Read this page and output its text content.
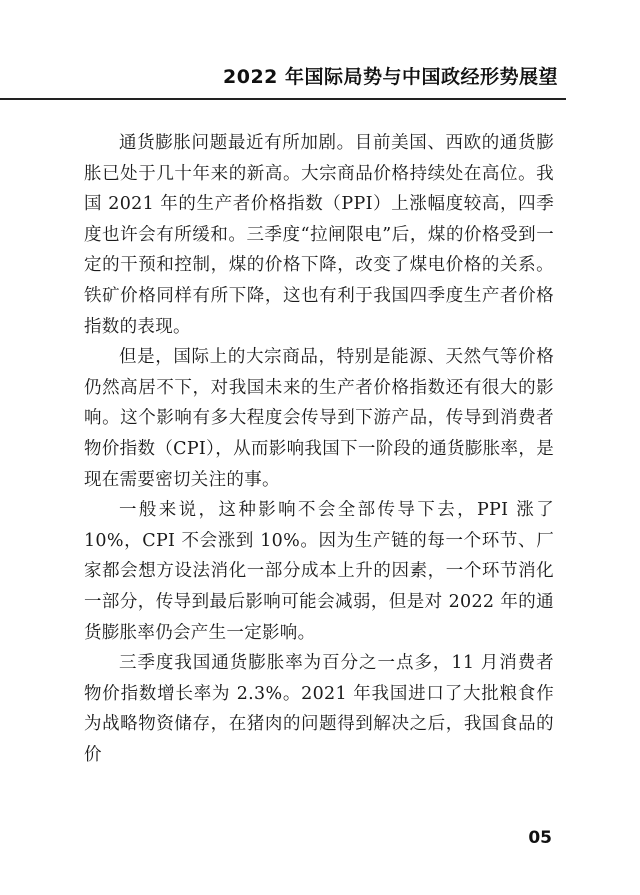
2022 年国际局势与中国政经形势展望

通货膨胀问题最近有所加剧。目前美国、西欧的通货膨胀已处于几十年来的新高。大宗商品价格持续处在高位。我国 2021 年的生产者价格指数（PPI）上涨幅度较高，四季度也许会有所缓和。三季度“拉闸限电”后，煤的价格受到一定的干预和控制，煤的价格下降，改变了煤电价格的关系。铁矿价格同样有所下降，这也有利于我国四季度生产者价格指数的表现。

但是，国际上的大宗商品，特别是能源、天然气等价格仍然高居不下，对我国未来的生产者价格指数还有很大的影响。这个影响有多大程度会传导到下游产品，传导到消费者物价指数（CPI），从而影响我国下一阶段的通货膨胀率，是现在需要密切关注的事。

一般来说，这种影响不会全部传导下去，PPI 涨了10%，CPI 不会涨到 10%。因为生产链的每一个环节、厂家都会想方设法消化一部分成本上升的因素，一个环节消化一部分，传导到最后影响可能会减弱，但是对 2022 年的通货膨胀率仍会产生一定影响。

三季度我国通货膨胀率为百分之一点多，11 月消费者物价指数增长率为 2.3%。2021 年我国进口了大批粮食作为战略物资储存，在猪肉的问题得到解决之后，我国食品的价

05
